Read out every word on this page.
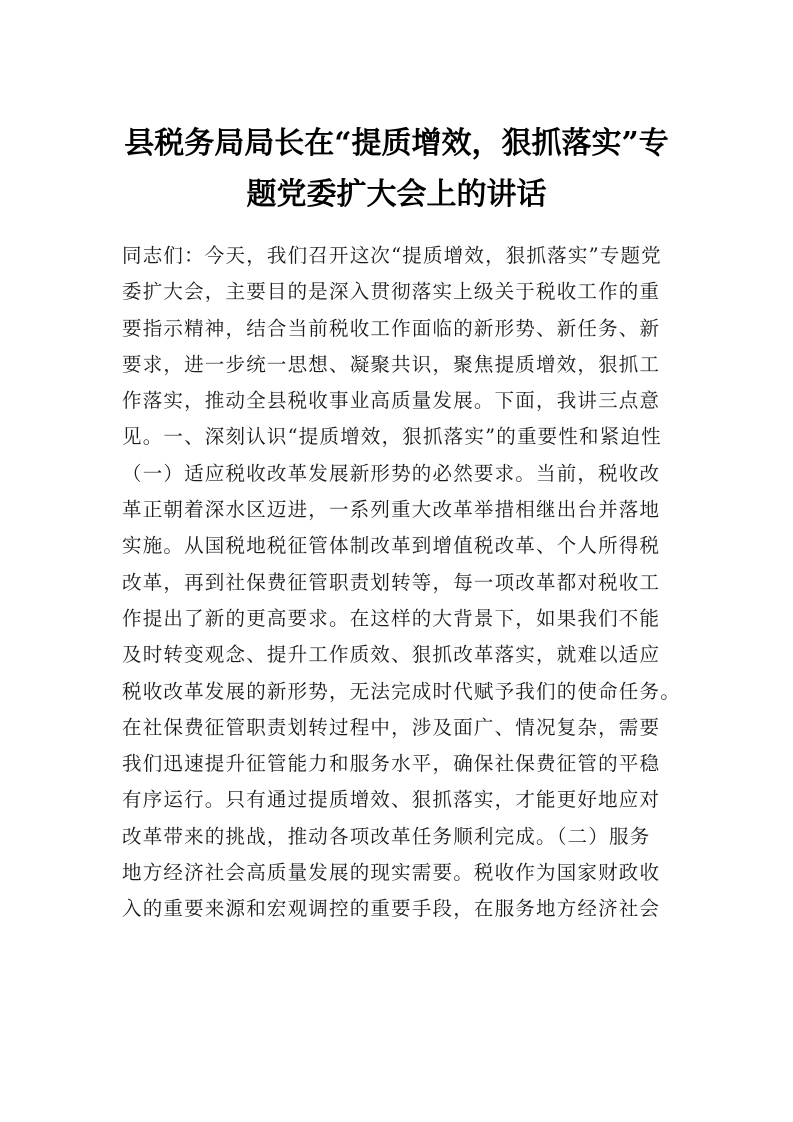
县税务局局长在“提质增效，狠抓落实”专
题党委扩大会上的讲话
同志们：今天，我们召开这次“提质增效，狠抓落实”专题党
委扩大会，主要目的是深入贯彻落实上级关于税收工作的重
要指示精神，结合当前税收工作面临的新形势、新任务、新
要求，进一步统一思想、凝聚共识，聚焦提质增效，狠抓工
作落实，推动全县税收事业高质量发展。下面，我讲三点意
见。一、深刻认识“提质增效，狠抓落实”的重要性和紧迫性
（一）适应税收改革发展新形势的必然要求。当前，税收改
革正朝着深水区迈进，一系列重大改革举措相继出台并落地
实施。从国税地税征管体制改革到增值税改革、个人所得税
改革，再到社保费征管职责划转等，每一项改革都对税收工
作提出了新的更高要求。在这样的大背景下，如果我们不能
及时转变观念、提升工作质效、狠抓改革落实，就难以适应
税收改革发展的新形势，无法完成时代赋予我们的使命任务。
在社保费征管职责划转过程中，涉及面广、情况复杂，需要
我们迅速提升征管能力和服务水平，确保社保费征管的平稳
有序运行。只有通过提质增效、狠抓落实，才能更好地应对
改革带来的挑战，推动各项改革任务顺利完成。（二）服务
地方经济社会高质量发展的现实需要。税收作为国家财政收
入的重要来源和宏观调控的重要手段，在服务地方经济社会
